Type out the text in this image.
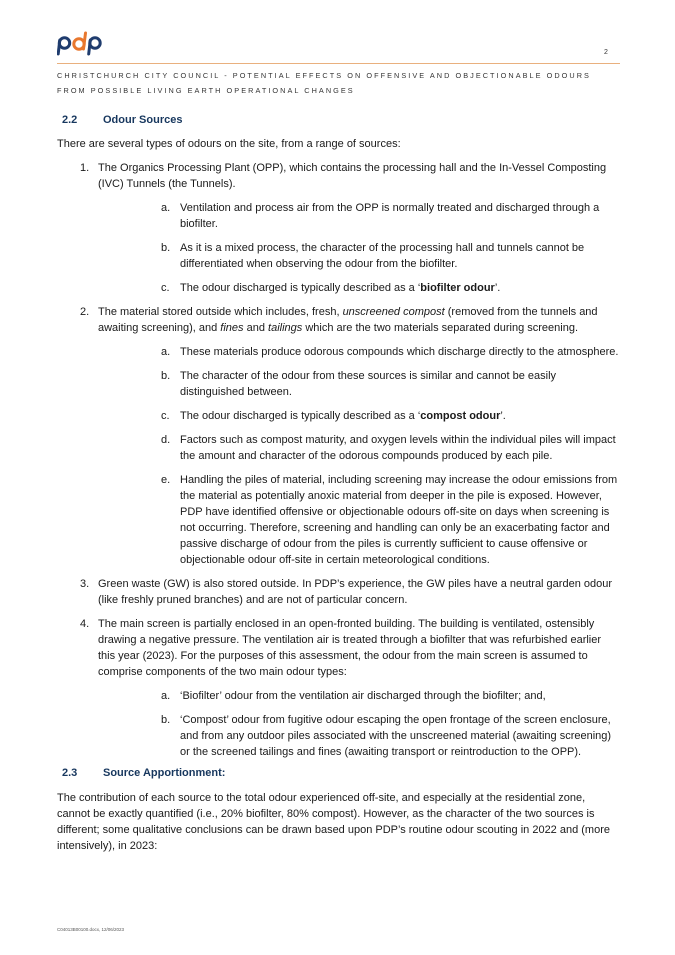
2
CHRISTCHURCH CITY COUNCIL - POTENTIAL EFFECTS ON OFFENSIVE AND OBJECTIONABLE ODOURS FROM POSSIBLE LIVING EARTH OPERATIONAL CHANGES
2.2 Odour Sources

There are several types of odours on the site, from a range of sources:

1. The Organics Processing Plant (OPP), which contains the processing hall and the In-Vessel Composting (IVC) Tunnels (the Tunnels).
a. Ventilation and process air from the OPP is normally treated and discharged through a biofilter.
b. As it is a mixed process, the character of the processing hall and tunnels cannot be differentiated when observing the odour from the biofilter.
c. The odour discharged is typically described as a ‘biofilter odour’.
2. The material stored outside which includes, fresh, unscreened compost (removed from the tunnels and awaiting screening), and fines and tailings which are the two materials separated during screening.
a. These materials produce odorous compounds which discharge directly to the atmosphere.
b. The character of the odour from these sources is similar and cannot be easily distinguished between.
c. The odour discharged is typically described as a ‘compost odour’.
d. Factors such as compost maturity, and oxygen levels within the individual piles will impact the amount and character of the odorous compounds produced by each pile.
e. Handling the piles of material, including screening may increase the odour emissions from the material as potentially anoxic material from deeper in the pile is exposed. However, PDP have identified offensive or objectionable odours off-site on days when screening is not occurring. Therefore, screening and handling can only be an exacerbating factor and passive discharge of odour from the piles is currently sufficient to cause offensive or objectionable odour off-site in certain meteorological conditions.
3. Green waste (GW) is also stored outside. In PDP’s experience, the GW piles have a neutral garden odour (like freshly pruned branches) and are not of particular concern.
4. The main screen is partially enclosed in an open-fronted building. The building is ventilated, ostensibly drawing a negative pressure. The ventilation air is treated through a biofilter that was refurbished earlier this year (2023). For the purposes of this assessment, the odour from the main screen is assumed to comprise components of the two main odour types:
a. ‘Biofilter’ odour from the ventilation air discharged through the biofilter; and,
b. ‘Compost’ odour from fugitive odour escaping the open frontage of the screen enclosure, and from any outdoor piles associated with the unscreened material (awaiting screening) or the screened tailings and fines (awaiting transport or reintroduction to the OPP).
2.3 Source Apportionment:

The contribution of each source to the total odour experienced off-site, and especially at the residential zone, cannot be exactly quantified (i.e., 20% biofilter, 80% compost). However, as the character of the two sources is different; some qualitative conclusions can be drawn based upon PDP’s routine odour scouting in 2022 and (more intensively), in 2023:

C04013B00100.docx, 12/06/2023
